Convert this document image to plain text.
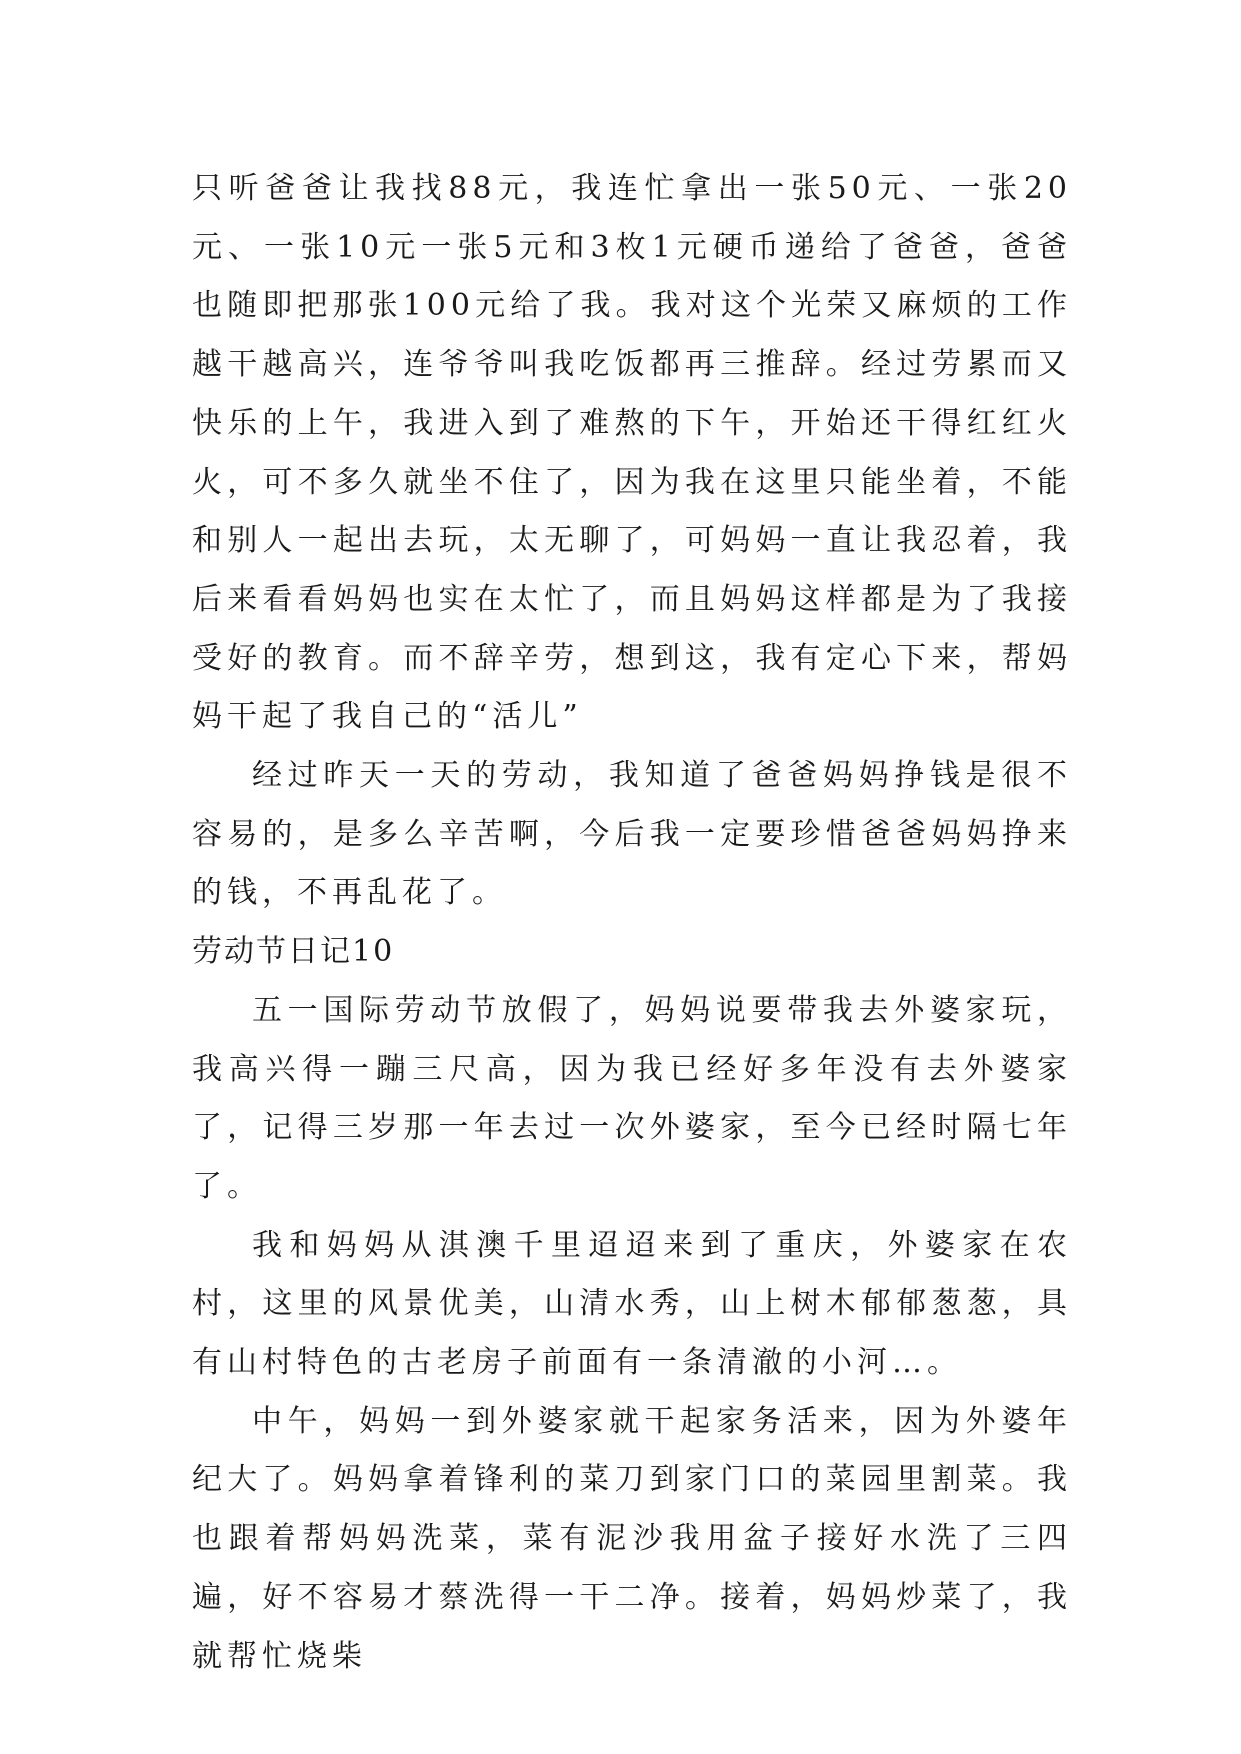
只听爸爸让我找88元，我连忙拿出一张50元、一张20元、一张10元一张5元和3枚1元硬币递给了爸爸，爸爸也随即把那张100元给了我。我对这个光荣又麻烦的工作越干越高兴，连爷爷叫我吃饭都再三推辞。经过劳累而又快乐的上午，我进入到了难熬的下午，开始还干得红红火火，可不多久就坐不住了，因为我在这里只能坐着，不能和别人一起出去玩，太无聊了，可妈妈一直让我忍着，我后来看看妈妈也实在太忙了，而且妈妈这样都是为了我接受好的教育。而不辞辛劳，想到这，我有定心下来，帮妈妈干起了我自己的“活儿”

经过昨天一天的劳动，我知道了爸爸妈妈挣钱是很不容易的，是多么辛苦啊，今后我一定要珍惜爸爸妈妈挣来的钱，不再乱花了。

劳动节日记10

五一国际劳动节放假了，妈妈说要带我去外婆家玩，我高兴得一蹦三尺高，因为我已经好多年没有去外婆家了，记得三岁那一年去过一次外婆家，至今已经时隔七年了。

我和妈妈从淇澳千里迢迢来到了重庆，外婆家在农村，这里的风景优美，山清水秀，山上树木郁郁葱葱，具有山村特色的古老房子前面有一条清澈的小河…。

中午，妈妈一到外婆家就干起家务活来，因为外婆年纪大了。妈妈拿着锋利的菜刀到家门口的菜园里割菜。我也跟着帮妈妈洗菜，菜有泥沙我用盆子接好水洗了三四遍，好不容易才蔡洗得一干二净。接着，妈妈炒菜了，我就帮忙烧柴
